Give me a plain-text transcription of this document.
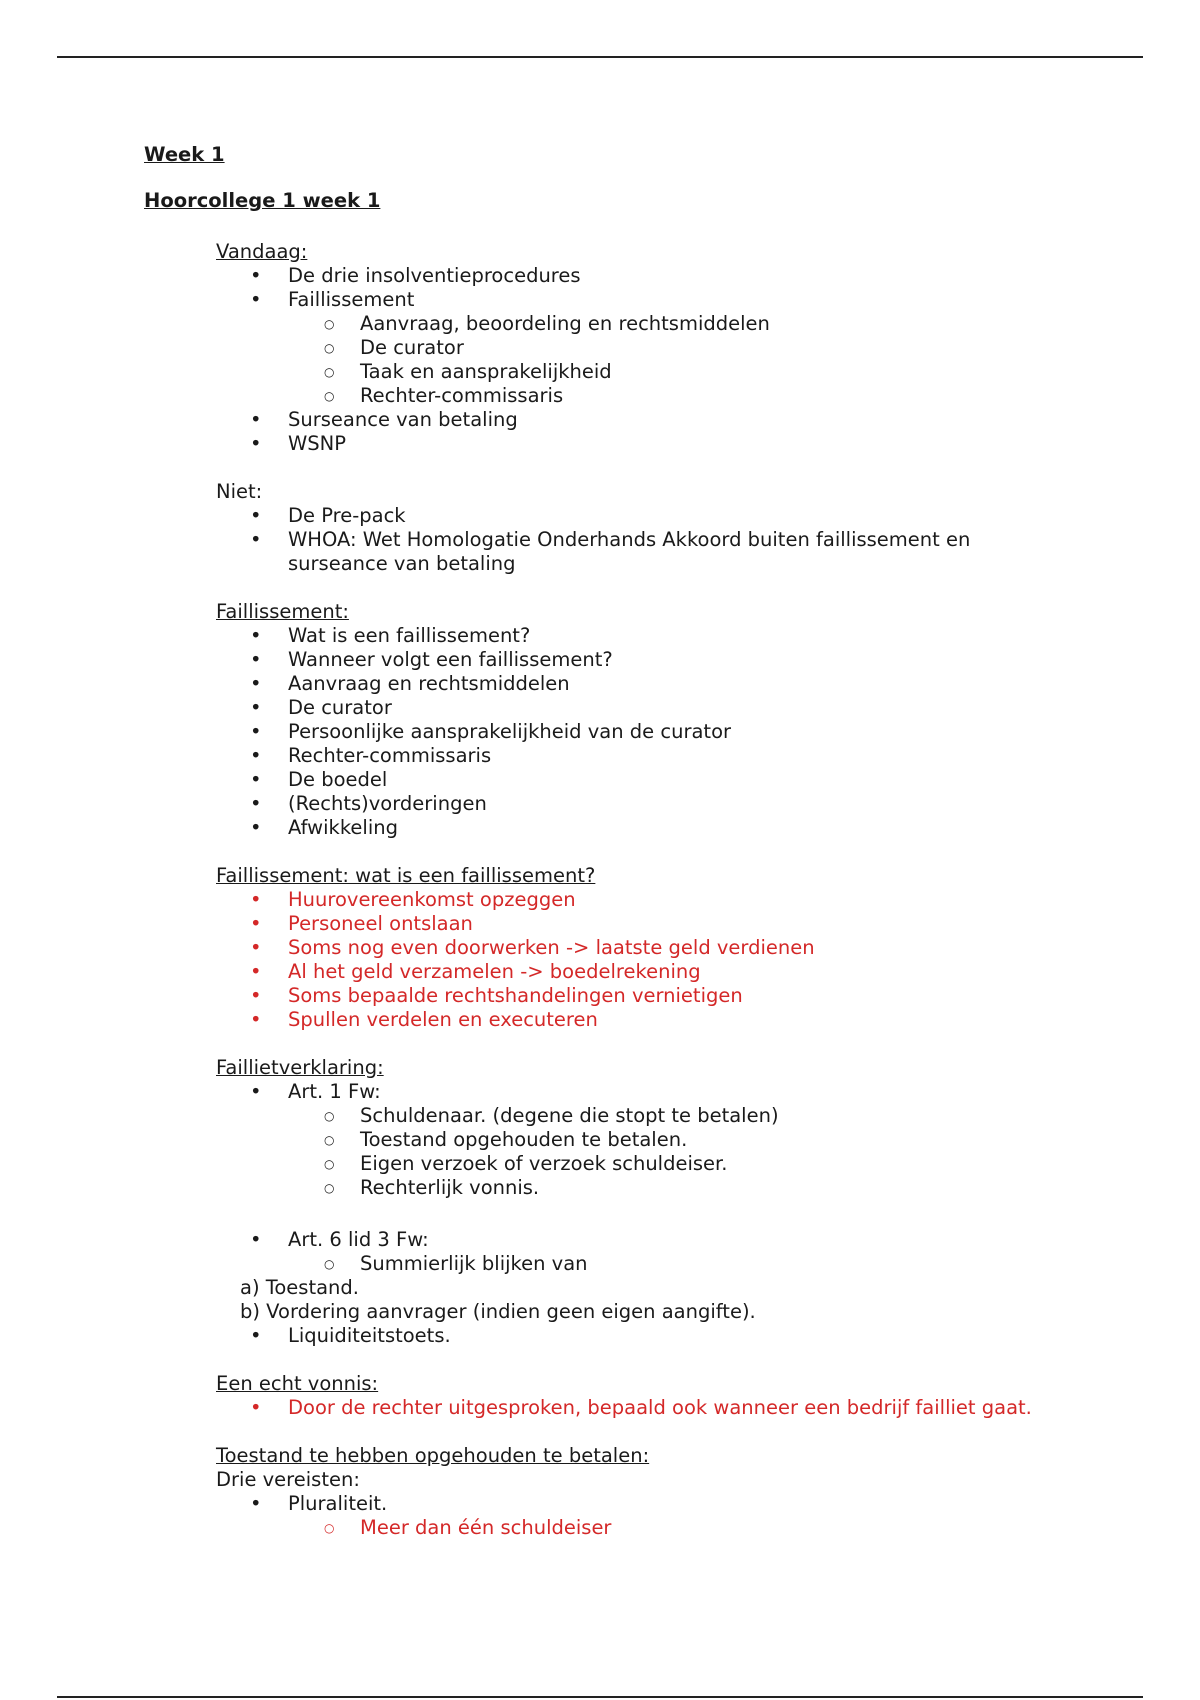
Week 1
Hoorcollege 1 week 1
Vandaag:
• De drie insolventieprocedures
• Faillissement
○ Aanvraag, beoordeling en rechtsmiddelen
○ De curator
○ Taak en aansprakelijkheid
○ Rechter-commissaris
• Surseance van betaling
• WSNP
Niet:
• De Pre-pack
• WHOA: Wet Homologatie Onderhands Akkoord buiten faillissement en surseance van betaling
Faillissement:
• Wat is een faillissement?
• Wanneer volgt een faillissement?
• Aanvraag en rechtsmiddelen
• De curator
• Persoonlijke aansprakelijkheid van de curator
• Rechter-commissaris
• De boedel
• (Rechts)vorderingen
• Afwikkeling
Faillissement: wat is een faillissement?
• Huurovereenkomst opzeggen
• Personeel ontslaan
• Soms nog even doorwerken -> laatste geld verdienen
• Al het geld verzamelen -> boedelrekening
• Soms bepaalde rechtshandelingen vernietigen
• Spullen verdelen en executeren
Faillietverklaring:
• Art. 1 Fw:
○ Schuldenaar. (degene die stopt te betalen)
○ Toestand opgehouden te betalen.
○ Eigen verzoek of verzoek schuldeiser.
○ Rechterlijk vonnis.
• Art. 6 lid 3 Fw:
○ Summierlijk blijken van
a) Toestand.
b) Vordering aanvrager (indien geen eigen aangifte).
• Liquiditeitstoets.
Een echt vonnis:
• Door de rechter uitgesproken, bepaald ook wanneer een bedrijf failliet gaat.
Toestand te hebben opgehouden te betalen:
Drie vereisten:
• Pluraliteit.
○ Meer dan één schuldeiser
